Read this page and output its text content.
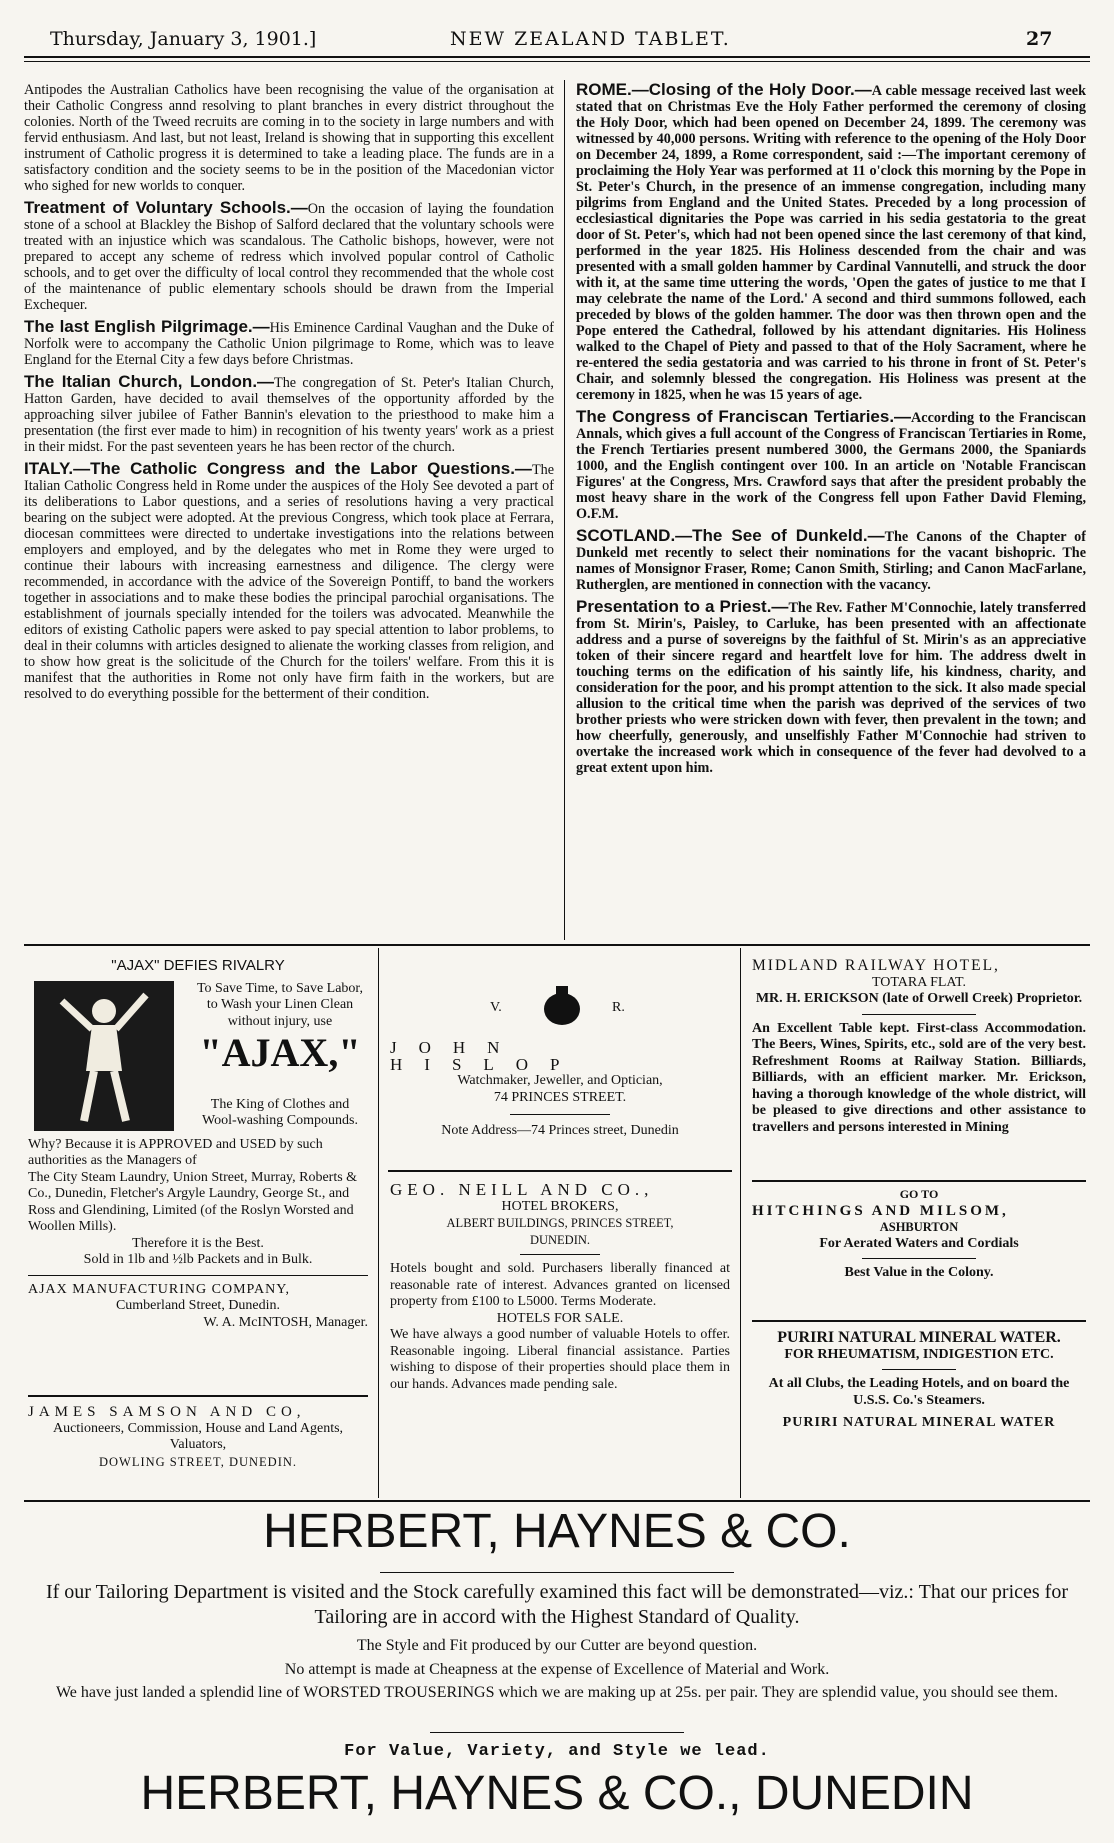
Thursday, January 3, 1901.]	NEW ZEALAND TABLET.	27

Antipodes the Australian Catholics have been recognising the value of the organisation at their Catholic Congress annd resolving to plant branches in every district throughout the colonies. North of the Tweed recruits are coming in to the society in large numbers and with fervid enthusiasm. And last, but not least, Ireland is showing that in supporting this excellent instrument of Catholic progress it is determined to take a leading place. The funds are in a satisfactory condition and the society seems to be in the position of the Macedonian victor who sighed for new worlds to conquer.

Treatment of Voluntary Schools.—On the occasion of laying the foundation stone of a school at Blackley the Bishop of Salford declared that the voluntary schools were treated with an injustice which was scandalous. The Catholic bishops, however, were not prepared to accept any scheme of redress which involved popular control of Catholic schools, and to get over the difficulty of local control they recommended that the whole cost of the maintenance of public elementary schools should be drawn from the Imperial Exchequer.

The last English Pilgrimage.—His Eminence Cardinal Vaughan and the Duke of Norfolk were to accompany the Catholic Union pilgrimage to Rome, which was to leave England for the Eternal City a few days before Christmas.

The Italian Church, London.—The congregation of St. Peter's Italian Church, Hatton Garden, have decided to avail themselves of the opportunity afforded by the approaching silver jubilee of Father Bannin's elevation to the priesthood to make him a presentation (the first ever made to him) in recognition of his twenty years' work as a priest in their midst. For the past seventeen years he has been rector of the church.

ITALY.—The Catholic Congress and the Labor Questions.—The Italian Catholic Congress held in Rome under the auspices of the Holy See devoted a part of its deliberations to Labor questions, and a series of resolutions having a very practical bearing on the subject were adopted. At the previous Congress, which took place at Ferrara, diocesan committees were directed to undertake investigations into the relations between employers and employed, and by the delegates who met in Rome they were urged to continue their labours with increasing earnestness and diligence. The clergy were recommended, in accordance with the advice of the Sovereign Pontiff, to band the workers together in associations and to make these bodies the principal parochial organisations. The establishment of journals specially intended for the toilers was advocated. Meanwhile the editors of existing Catholic papers were asked to pay special attention to labor problems, to deal in their columns with articles designed to alienate the working classes from religion, and to show how great is the solicitude of the Church for the toilers' welfare. From this it is manifest that the authorities in Rome not only have firm faith in the workers, but are resolved to do everything possible for the betterment of their condition.

ROME.—Closing of the Holy Door.—A cable message received last week stated that on Christmas Eve the Holy Father performed the ceremony of closing the Holy Door, which had been opened on December 24, 1899. The ceremony was witnessed by 40,000 persons. Writing with reference to the opening of the Holy Door on December 24, 1899, a Rome correspondent, said :—The important ceremony of proclaiming the Holy Year was performed at 11 o'clock this morning by the Pope in St. Peter's Church, in the presence of an immense congregation, including many pilgrims from England and the United States. Preceded by a long procession of ecclesiastical dignitaries the Pope was carried in his sedia gestatoria to the great door of St. Peter's, which had not been opened since the last ceremony of that kind, performed in the year 1825. His Holiness descended from the chair and was presented with a small golden hammer by Cardinal Vannutelli, and struck the door with it, at the same time uttering the words, 'Open the gates of justice to me that I may celebrate the name of the Lord.' A second and third summons followed, each preceded by blows of the golden hammer. The door was then thrown open and the Pope entered the Cathedral, followed by his attendant dignitaries. His Holiness walked to the Chapel of Piety and passed to that of the Holy Sacrament, where he re-entered the sedia gestatoria and was carried to his throne in front of St. Peter's Chair, and solemnly blessed the congregation. His Holiness was present at the ceremony in 1825, when he was 15 years of age.

The Congress of Franciscan Tertiaries.—According to the Franciscan Annals, which gives a full account of the Congress of Franciscan Tertiaries in Rome, the French Tertiaries present numbered 3000, the Germans 2000, the Spaniards 1000, and the English contingent over 100. In an article on 'Notable Franciscan Figures' at the Congress, Mrs. Crawford says that after the president probably the most heavy share in the work of the Congress fell upon Father David Fleming, O.F.M.

SCOTLAND.—The See of Dunkeld.—The Canons of the Chapter of Dunkeld met recently to select their nominations for the vacant bishopric. The names of Monsignor Fraser, Rome; Canon Smith, Stirling; and Canon MacFarlane, Rutherglen, are mentioned in connection with the vacancy.

Presentation to a Priest.—The Rev. Father M'Connochie, lately transferred from St. Mirin's, Paisley, to Carluke, has been presented with an affectionate address and a purse of sovereigns by the faithful of St. Mirin's as an appreciative token of their sincere regard and heartfelt love for him. The address dwelt in touching terms on the edification of his saintly life, his kindness, charity, and consideration for the poor, and his prompt attention to the sick. It also made special allusion to the critical time when the parish was deprived of the services of two brother priests who were stricken down with fever, then prevalent in the town; and how cheerfully, generously, and unselfishly Father M'Connochie had striven to overtake the increased work which in consequence of the fever had devolved to a great extent upon him.

"AJAX" DEFIES RIVALRY

To Save Time, to Save Labor, to Wash your Linen Clean without injury, use

"AJAX,"

The King of Clothes and Wool-washing Compounds.

Why? Because it is APPROVED and USED by such authorities as the Managers of

The City Steam Laundry, Union Street, Murray, Roberts & Co., Dunedin, Fletcher's Argyle Laundry, George St., and Ross and Glendining, Limited (of the Roslyn Worsted and Woollen Mills).

Therefore it is the Best.

Sold in 1lb and ½lb Packets and in Bulk.

AJAX MANUFACTURING COMPANY,

Cumberland Street, Dunedin.

W. A. McINTOSH, Manager.

JAMES SAMSON AND CO,

Auctioneers, Commission, House and Land Agents, Valuators,

DOWLING STREET, DUNEDIN.

V.	R.

JOHN HISLOP

Watchmaker, Jeweller, and Optician,

74 PRINCES STREET.

Note Address—74 Princes street, Dunedin

GEO. NEILL AND CO.,

HOTEL BROKERS,

ALBERT BUILDINGS, PRINCES STREET,

DUNEDIN.

Hotels bought and sold. Purchasers liberally financed at reasonable rate of interest. Advances granted on licensed property from £100 to L5000. Terms Moderate.

HOTELS FOR SALE.

We have always a good number of valuable Hotels to offer. Reasonable ingoing. Liberal financial assistance. Parties wishing to dispose of their properties should place them in our hands. Advances made pending sale.

MIDLAND RAILWAY HOTEL,

TOTARA FLAT.

MR. H. ERICKSON (late of Orwell Creek) Proprietor.

An Excellent Table kept. First-class Accommodation. The Beers, Wines, Spirits, etc., sold are of the very best. Refreshment Rooms at Railway Station. Billiards, Billiards, with an efficient marker. Mr. Erickson, having a thorough knowledge of the whole district, will be pleased to give directions and other assistance to travellers and persons interested in Mining

GO TO

HITCHINGS AND MILSOM,

ASHBURTON

For Aerated Waters and Cordials

Best Value in the Colony.

PURIRI NATURAL MINERAL WATER.

FOR RHEUMATISM, INDIGESTION ETC.

At all Clubs, the Leading Hotels, and on board the U.S.S. Co.'s Steamers.

PURIRI NATURAL MINERAL WATER

HERBERT, HAYNES & CO.

If our Tailoring Department is visited and the Stock carefully examined this fact will be demonstrated—viz.: That our prices for Tailoring are in accord with the Highest Standard of Quality.

The Style and Fit produced by our Cutter are beyond question.

No attempt is made at Cheapness at the expense of Excellence of Material and Work.

We have just landed a splendid line of WORSTED TROUSERINGS which we are making up at 25s. per pair. They are splendid value, you should see them.

For Value, Variety, and Style we lead.
HERBERT, HAYNES & CO., DUNEDIN
